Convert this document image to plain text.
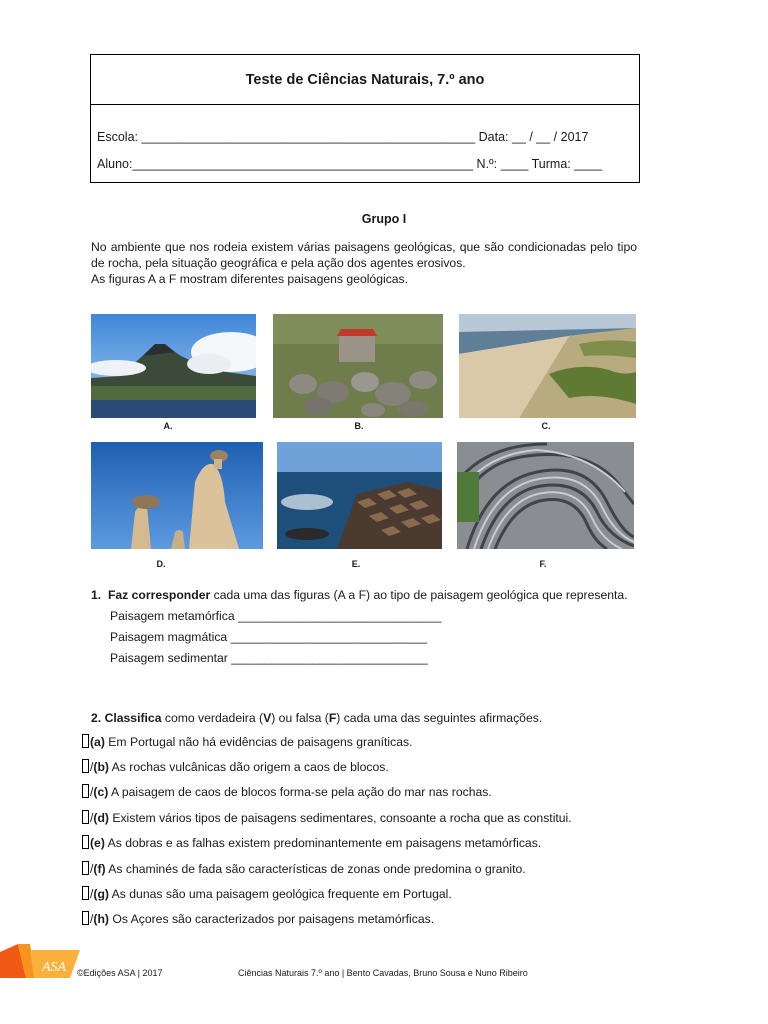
Teste de Ciências Naturais, 7.º ano
Escola: ________________________________________________ Data: __ / __ / 2017
Aluno:_________________________________________________ N.º: ____ Turma: ____
Grupo I

No ambiente que nos rodeia existem várias paisagens geológicas, que são condicionadas pelo tipo de rocha, pela situação geográfica e pela ação dos agentes erosivos.

As figuras A a F mostram diferentes paisagens geológicas.

A.	B.	C.
D.	E.	F.

1. Faz corresponder cada uma das figuras (A a F) ao tipo de paisagem geológica que representa.

Paisagem metamórfica ______________________________

Paisagem magmática _____________________________

Paisagem sedimentar _____________________________

2. Classifica como verdadeira (V) ou falsa (F) cada uma das seguintes afirmações.
(a) Em Portugal não há evidências de paisagens graníticas.
/(b) As rochas vulcânicas dão origem a caos de blocos.
/(c) A paisagem de caos de blocos forma-se pela ação do mar nas rochas.
/(d) Existem vários tipos de paisagens sedimentares, consoante a rocha que as constitui.
(e) As dobras e as falhas existem predominantemente em paisagens metamórficas.
/(f) As chaminés de fada são características de zonas onde predomina o granito.
/(g) As dunas são uma paisagem geológica frequente em Portugal.
/(h) Os Açores são caracterizados por paisagens metamórficas.
ASA ©Edições ASA | 2017	Ciências Naturais 7.º ano | Bento Cavadas, Bruno Sousa e Nuno Ribeiro
